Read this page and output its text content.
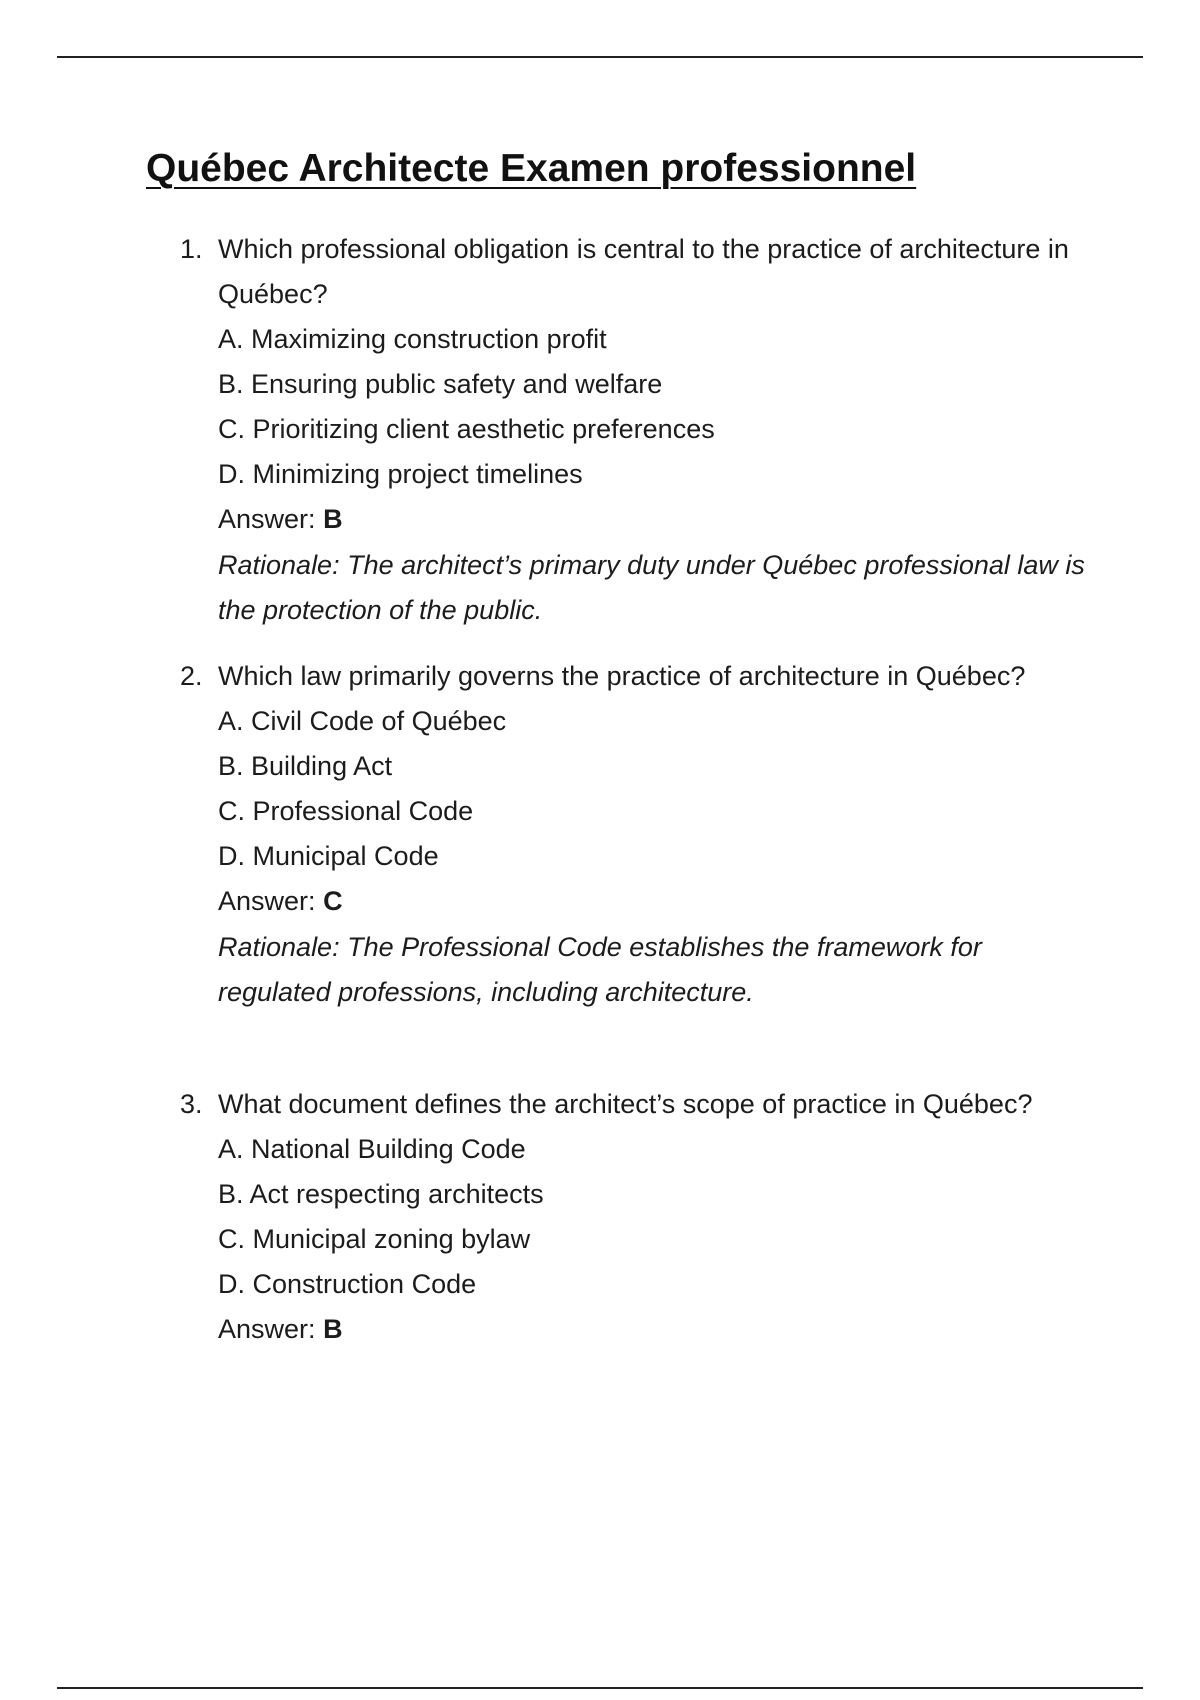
Québec Architecte Examen professionnel
1. Which professional obligation is central to the practice of architecture in Québec?
A. Maximizing construction profit
B. Ensuring public safety and welfare
C. Prioritizing client aesthetic preferences
D. Minimizing project timelines
Answer: B
Rationale: The architect’s primary duty under Québec professional law is the protection of the public.
2. Which law primarily governs the practice of architecture in Québec?
A. Civil Code of Québec
B. Building Act
C. Professional Code
D. Municipal Code
Answer: C
Rationale: The Professional Code establishes the framework for regulated professions, including architecture.
3. What document defines the architect’s scope of practice in Québec?
A. National Building Code
B. Act respecting architects
C. Municipal zoning bylaw
D. Construction Code
Answer: B
